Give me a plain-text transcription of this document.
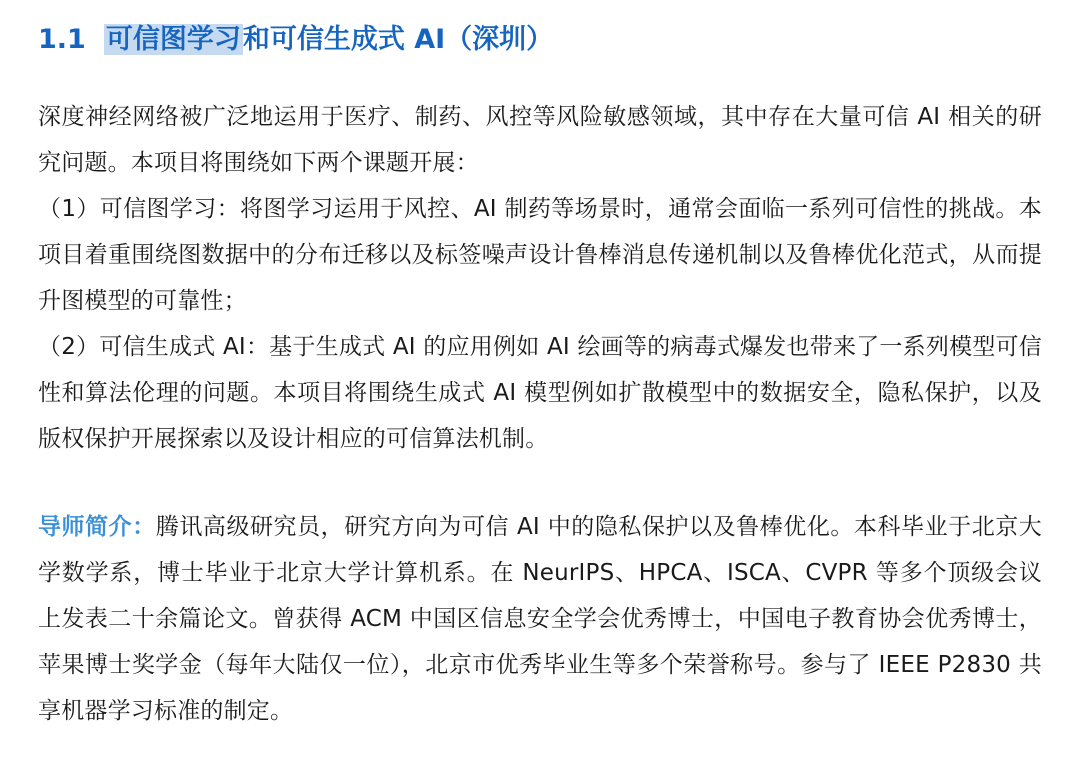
1.1 可信图学习和可信生成式 AI（深圳）

深度神经网络被广泛地运用于医疗、制药、风控等风险敏感领域，其中存在大量可信 AI 相关的研究问题。本项目将围绕如下两个课题开展：

（1）可信图学习：将图学习运用于风控、AI 制药等场景时，通常会面临一系列可信性的挑战。本项目着重围绕图数据中的分布迁移以及标签噪声设计鲁棒消息传递机制以及鲁棒优化范式，从而提升图模型的可靠性；

（2）可信生成式 AI：基于生成式 AI 的应用例如 AI 绘画等的病毒式爆发也带来了一系列模型可信性和算法伦理的问题。本项目将围绕生成式 AI 模型例如扩散模型中的数据安全，隐私保护，以及版权保护开展探索以及设计相应的可信算法机制。

导师简介：腾讯高级研究员，研究方向为可信 AI 中的隐私保护以及鲁棒优化。本科毕业于北京大学数学系，博士毕业于北京大学计算机系。在 NeurIPS、HPCA、ISCA、CVPR 等多个顶级会议上发表二十余篇论文。曾获得 ACM 中国区信息安全学会优秀博士，中国电子教育协会优秀博士，苹果博士奖学金（每年大陆仅一位），北京市优秀毕业生等多个荣誉称号。参与了 IEEE P2830 共享机器学习标准的制定。
